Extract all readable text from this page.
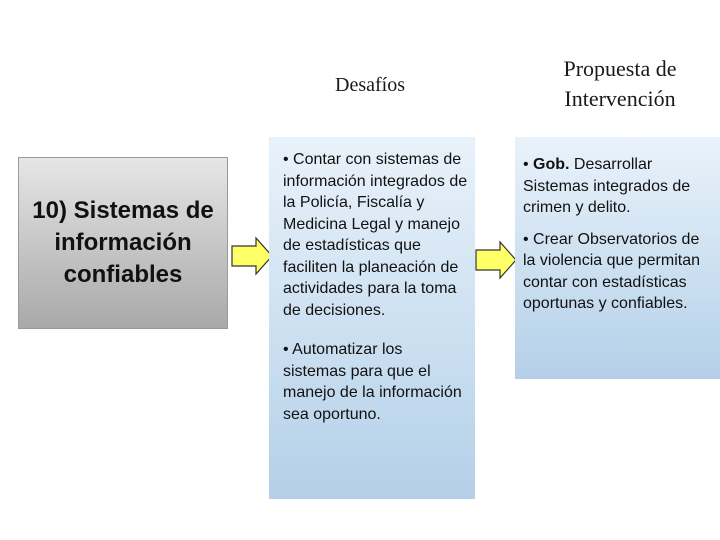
Desafíos
Propuesta de Intervención
10) Sistemas de
información
confiables
• Contar con sistemas de información integrados de la Policía, Fiscalía y Medicina Legal y manejo de estadísticas que faciliten la planeación de actividades para la toma de decisiones.
• Automatizar los sistemas para que el manejo de la información sea oportuno.
• Gob. Desarrollar Sistemas integrados de crimen y delito.
• Crear Observatorios de la violencia que permitan contar con estadísticas oportunas y confiables.
